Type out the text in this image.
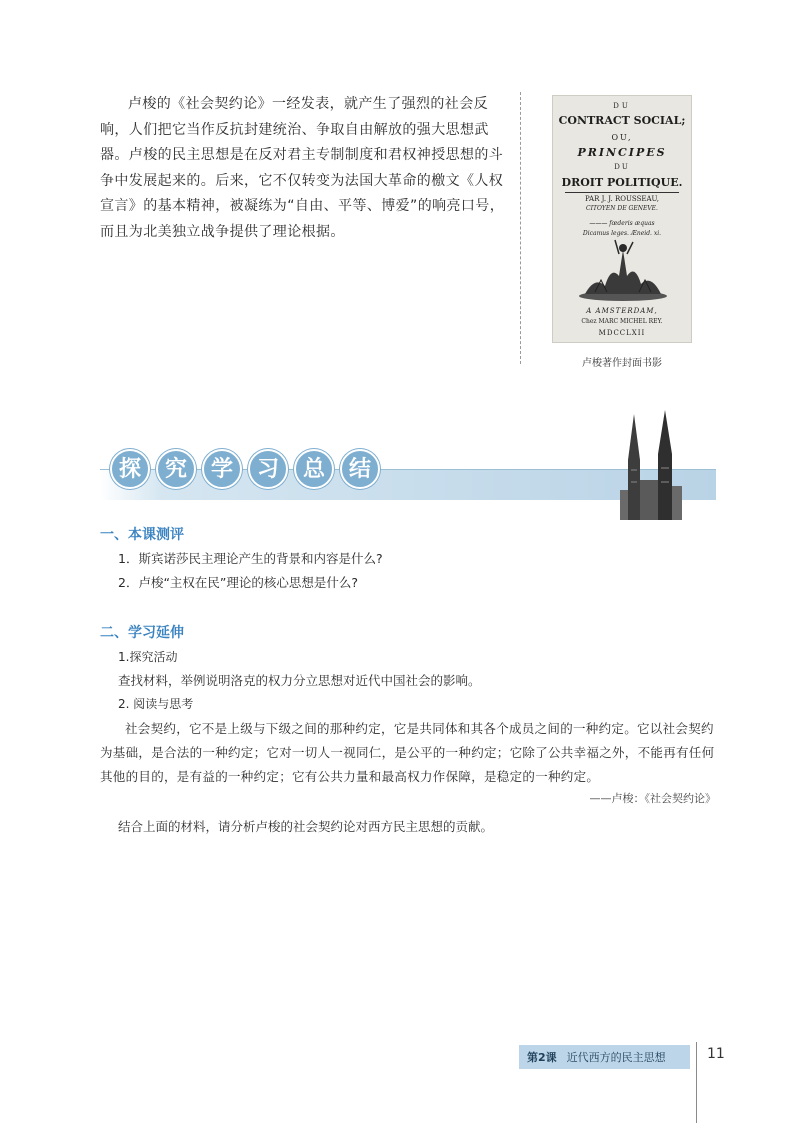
卢梭的《社会契约论》一经发表，就产生了强烈的社会反响，人们把它当作反抗封建统治、争取自由解放的强大思想武器。卢梭的民主思想是在反对君主专制制度和君权神授思想的斗争中发展起来的。后来，它不仅转变为法国大革命的檄文《人权宣言》的基本精神，被凝练为“自由、平等、博爱”的响亮口号，而且为北美独立战争提供了理论根据。

DU
CONTRACT SOCIAL;
OU,
PRINCIPES
DU
DROIT POLITIQUE.
PAR J. J. ROUSSEAU,
CITOYEN DE GENEVE.
——— fœderis æquas
Dicamus leges. Æneid. xi.
A AMSTERDAM,
Chez MARC MICHEL REY.
MDCCLXII
卢梭著作封面书影
探	究	学	习	总	结
一、本课测评
1．斯宾诺莎民主理论产生的背景和内容是什么?
2．卢梭“主权在民”理论的核心思想是什么?
二、学习延伸
1.探究活动
查找材料，举例说明洛克的权力分立思想对近代中国社会的影响。
2. 阅读与思考

社会契约，它不是上级与下级之间的那种约定，它是共同体和其各个成员之间的一种约定。它以社会契约为基础，是合法的一种约定；它对一切人一视同仁，是公平的一种约定；它除了公共幸福之外，不能再有任何其他的目的，是有益的一种约定；它有公共力量和最高权力作保障，是稳定的一种约定。

——卢梭：《社会契约论》
结合上面的材料，请分析卢梭的社会契约论对西方民主思想的贡献。
第2课 近代西方的民主思想	11
